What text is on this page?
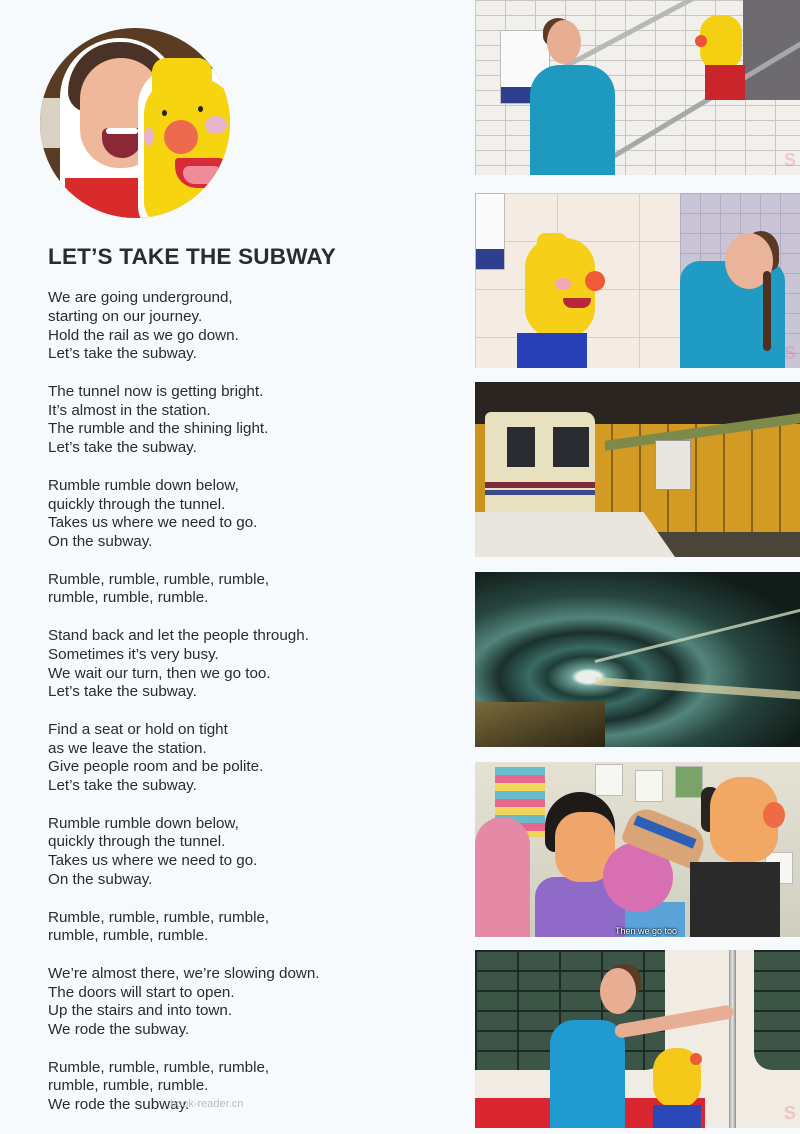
LET’S TAKE THE SUBWAY
We are going underground,
starting on our journey.
Hold the rail as we go down.
Let’s take the subway.
The tunnel now is getting bright.
It’s almost in the station.
The rumble and the shining light.
Let’s take the subway.
Rumble rumble down below,
quickly through the tunnel.
Takes us where we need to go.
On the subway.
Rumble, rumble, rumble, rumble,
rumble, rumble, rumble.
Stand back and let the people through.
Sometimes it’s very busy.
We wait our turn, then we go too.
Let’s take the subway.
Find a seat or hold on tight
as we leave the station.
Give people room and be polite.
Let’s take the subway.
Rumble rumble down below,
quickly through the tunnel.
Takes us where we need to go.
On the subway.
Rumble, rumble, rumble, rumble,
rumble, rumble, rumble.
We’re almost there, we’re slowing down.
The doors will start to open.
Up the stairs and into town.
We rode the subway.
Rumble, rumble, rumble, rumble,
rumble, rumble, rumble.
We rode the subway.
book-reader.cn
S
S
Then we go too
S
